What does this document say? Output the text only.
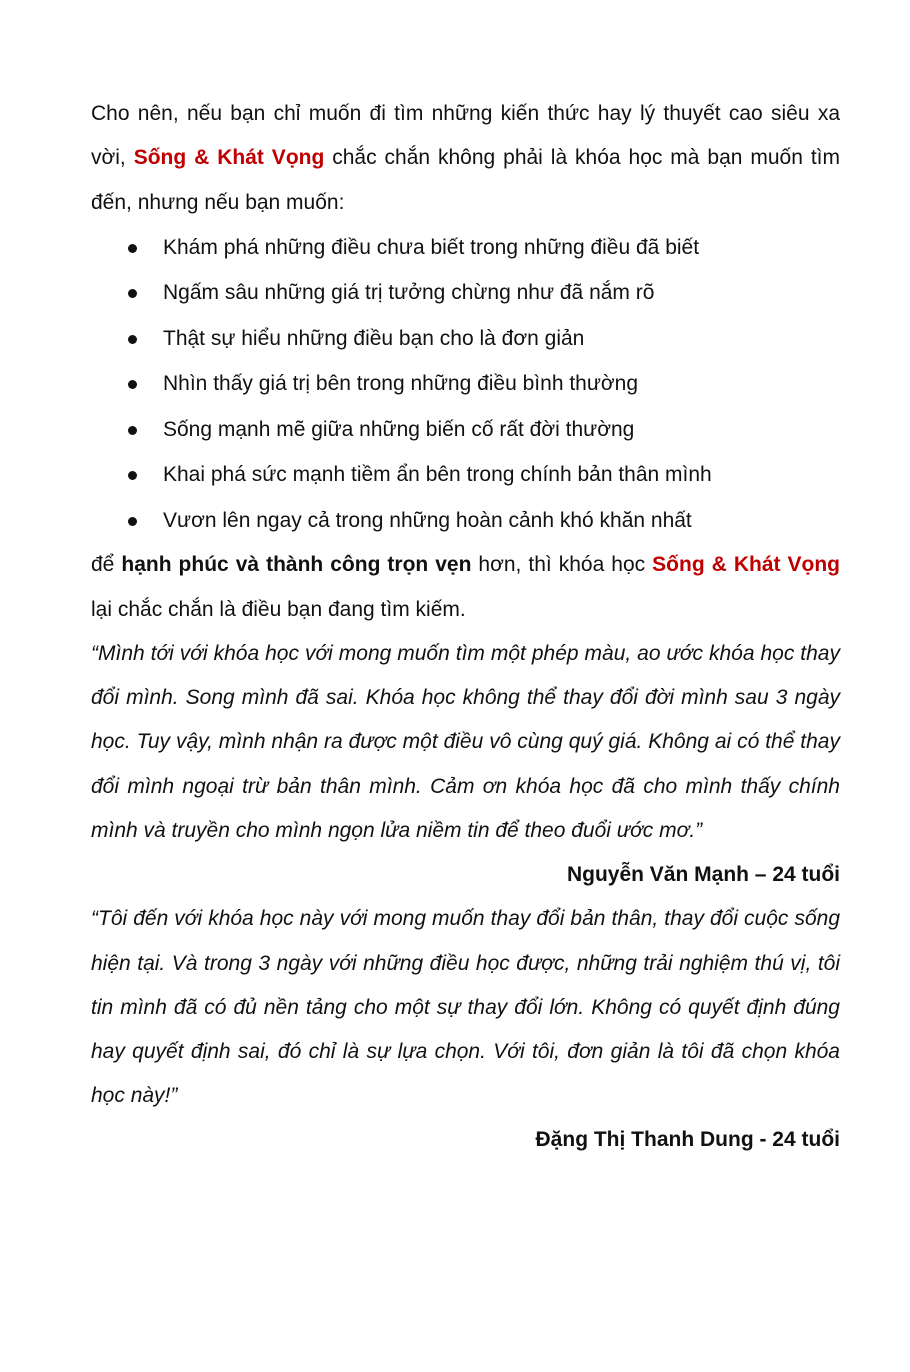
Cho nên, nếu bạn chỉ muốn đi tìm những kiến thức hay lý thuyết cao siêu xa vời, Sống & Khát Vọng chắc chắn không phải là khóa học mà bạn muốn tìm đến, nhưng nếu bạn muốn:

Khám phá những điều chưa biết trong những điều đã biết
Ngấm sâu những giá trị tưởng chừng như đã nắm rõ
Thật sự hiểu những điều bạn cho là đơn giản
Nhìn thấy giá trị bên trong những điều bình thường
Sống mạnh mẽ giữa những biến cố rất đời thường
Khai phá sức mạnh tiềm ẩn bên trong chính bản thân mình
Vươn lên ngay cả trong những hoàn cảnh khó khăn nhất

để hạnh phúc và thành công trọn vẹn hơn, thì khóa học Sống & Khát Vọng lại chắc chắn là điều bạn đang tìm kiếm.

“Mình tới với khóa học với mong muốn tìm một phép màu, ao ước khóa học thay đổi mình. Song mình đã sai. Khóa học không thể thay đổi đời mình sau 3 ngày học. Tuy vậy, mình nhận ra được một điều vô cùng quý giá. Không ai có thể thay đổi mình ngoại trừ bản thân mình. Cảm ơn khóa học đã cho mình thấy chính mình và truyền cho mình ngọn lửa niềm tin để theo đuổi ước mơ.”

Nguyễn Văn Mạnh – 24 tuổi

“Tôi đến với khóa học này với mong muốn thay đổi bản thân, thay đổi cuộc sống hiện tại. Và trong 3 ngày với những điều học được, những trải nghiệm thú vị, tôi tin mình đã có đủ nền tảng cho một sự thay đổi lớn. Không có quyết định đúng hay quyết định sai, đó chỉ là sự lựa chọn. Với tôi, đơn giản là tôi đã chọn khóa học này!”

Đặng Thị Thanh Dung - 24 tuổi
